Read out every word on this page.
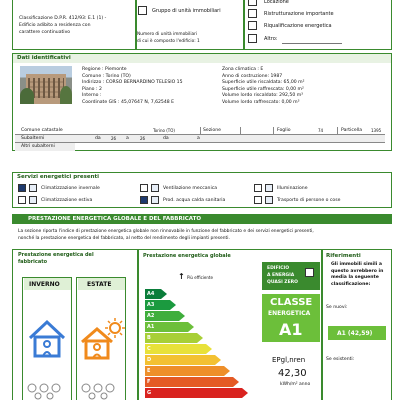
Classificazione D.P.R. 412/93: E.1 (1) -
Edificio adibito a residenza con
carattere continuativo
Gruppo di unità immobiliari
Numero di unità immobiliari
di cui è composto l'edificio: 1
Locazione
Ristrutturazione importante
Riqualificazione energetica
Altro:
Dati identificativi
Regione : Piemonte
Comune : Torino (TO)
Indirizzo : CORSO BERNARDINO TELESIO 15
Piano : 2
Interno :
Coordinate GIS : 45,07647 N, 7,62548 E
Zona climatica : E
Anno di costruzione: 1987
Superficie utile riscaldata: 65,00 m²
Superficie utile raffrescata: 0,00 m²
Volume lordo riscaldato: 292,50 m³
Volume lordo raffrescato: 0,00 m³
Comune catastale	Torino (TO)	Sezione	Foglio	74	Particella 1395
Subalterni	da	26 a	26	da	a
Altri subalterni
Servizi energetici presenti
Climatizzazione invernale	Ventilazione meccanica	Illuminazione
Climatizzazione estiva	Prod. acqua calda sanitaria	Trasporto di persone o cose
PRESTAZIONE ENERGETICA GLOBALE E DEL FABBRICATO
La sezione riporta l'indice di prestazione energetica globale non rinnovabile in funzione del fabbricato e dei servizi energetici presenti,
nonché la prestazione energetica del fabbricato, al netto del rendimento degli impianti presenti.
Prestazione energetica del
fabbricato
INVERNO	ESTATE
Prestazione energetica globale
↑ Più efficiente
A4
A3
A2
A1
B
C
D
E
F
G
EDIFICIO
A ENERGIA
QUASI ZERO
CLASSE
ENERGETICA
A1
EPgl,nren
42,30
kWh/m² anno
Riferimenti
Gli immobili simili a questo avrebbero in media la seguente classificazione:
Se nuovi:
A1 (42,59)
Se esistenti:
